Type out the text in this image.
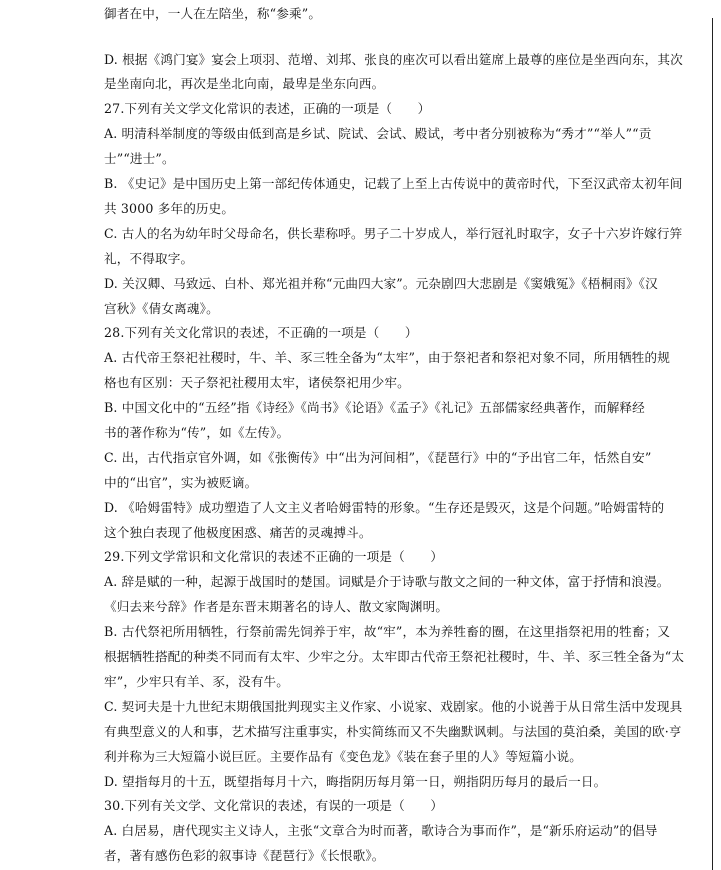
御者在中，一人在左陪坐，称“参乘”。
D. 根据《鸿门宴》宴会上项羽、范增、刘邦、张良的座次可以看出筵席上最尊的座位是坐西向东，其次
是坐南向北，再次是坐北向南，最卑是坐东向西。
27.下列有关文学文化常识的表述，正确的一项是（　　）
A. 明清科举制度的等级由低到高是乡试、院试、会试、殿试，考中者分别被称为“秀才”“举人”“贡
士”“进士”。
B. 《史记》是中国历史上第一部纪传体通史，记载了上至上古传说中的黄帝时代，下至汉武帝太初年间
共 3000 多年的历史。
C. 古人的名为幼年时父母命名，供长辈称呼。男子二十岁成人，举行冠礼时取字，女子十六岁许嫁行笄
礼，不得取字。
D. 关汉卿、马致远、白朴、郑光祖并称“元曲四大家”。元杂剧四大悲剧是《窦娥冤》《梧桐雨》《汉
宫秋》《倩女离魂》。
28.下列有关文化常识的表述，不正确的一项是（　　）
A. 古代帝王祭祀社稷时，牛、羊、豕三牲全备为“太牢”，由于祭祀者和祭祀对象不同，所用牺牲的规
格也有区别：天子祭祀社稷用太牢，诸侯祭祀用少牢。
B. 中国文化中的“五经”指《诗经》《尚书》《论语》《孟子》《礼记》五部儒家经典著作，而解释经
书的著作称为“传”，如《左传》。
C. 出，古代指京官外调，如《张衡传》中“出为河间相”，《琵琶行》中的“予出官二年，恬然自安”
中的“出官”，实为被贬谪。
D. 《哈姆雷特》成功塑造了人文主义者哈姆雷特的形象。“生存还是毁灭，这是个问题。”哈姆雷特的
这个独白表现了他极度困惑、痛苦的灵魂搏斗。
29.下列文学常识和文化常识的表述不正确的一项是（　　）
A. 辞是赋的一种，起源于战国时的楚国。词赋是介于诗歌与散文之间的一种文体，富于抒情和浪漫。
《归去来兮辞》作者是东晋末期著名的诗人、散文家陶渊明。
B. 古代祭祀所用牺牲，行祭前需先饲养于牢，故“牢”，本为养牲畜的圈，在这里指祭祀用的牲畜；又
根据牺牲搭配的种类不同而有太牢、少牢之分。太牢即古代帝王祭祀社稷时，牛、羊、豕三牲全备为“太
牢”，少牢只有羊、豕，没有牛。
C. 契诃夫是十九世纪末期俄国批判现实主义作家、小说家、戏剧家。他的小说善于从日常生活中发现具
有典型意义的人和事，艺术描写注重事实，朴实简练而又不失幽默讽刺。与法国的莫泊桑，美国的欧·亨
利并称为三大短篇小说巨匠。主要作品有《变色龙》《装在套子里的人》等短篇小说。
D. 望指每月的十五，既望指每月十六，晦指阴历每月第一日，朔指阴历每月的最后一日。
30.下列有关文学、文化常识的表述，有误的一项是（　　）
A. 白居易，唐代现实主义诗人，主张“文章合为时而著，歌诗合为事而作”，是“新乐府运动”的倡导
者，著有感伤色彩的叙事诗《琵琶行》《长恨歌》。
